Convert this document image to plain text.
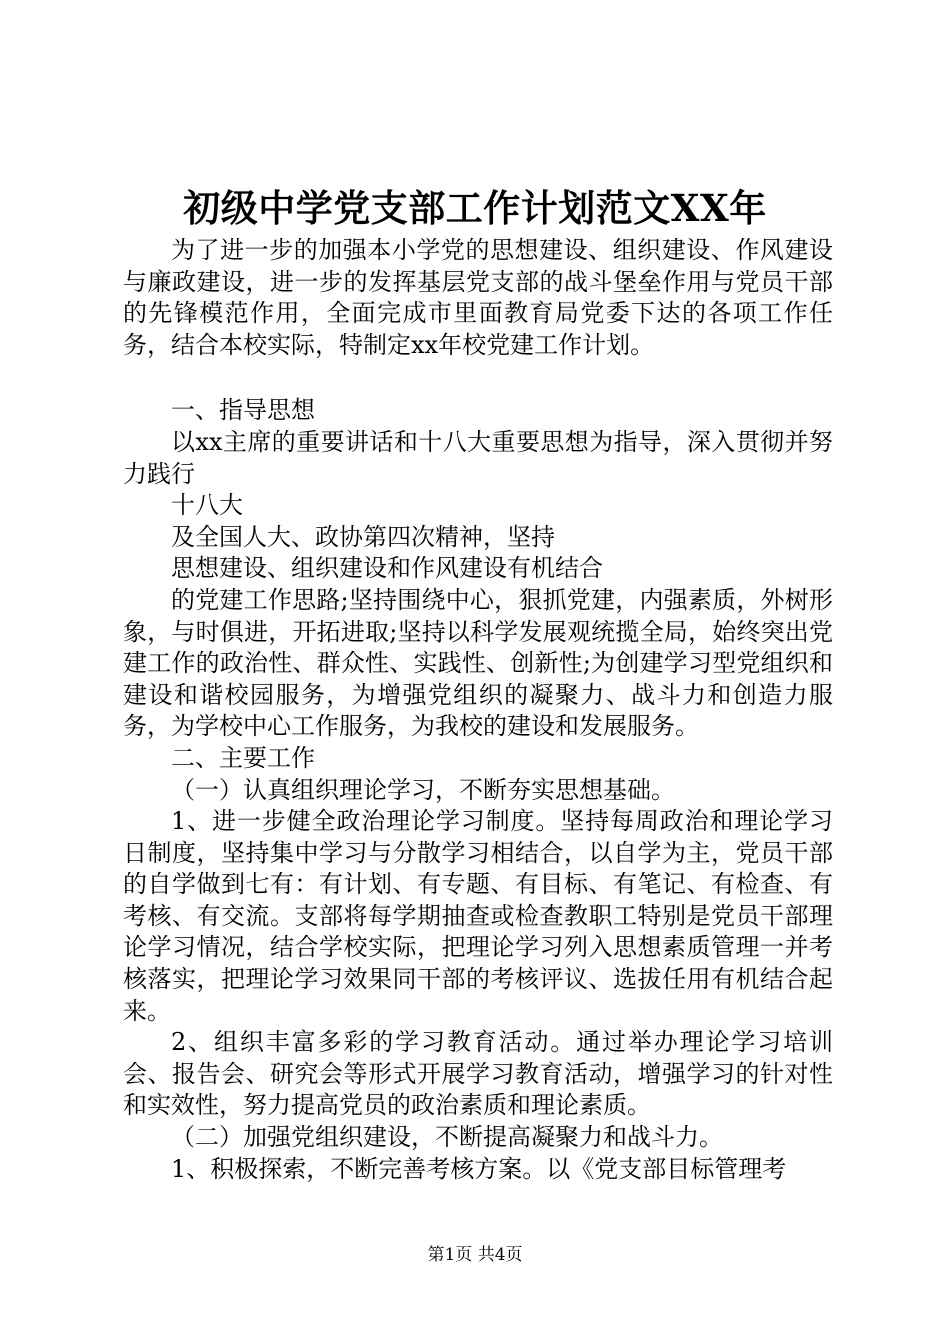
初级中学党支部工作计划范文XX年

为了进一步的加强本小学党的思想建设、组织建设、作风建设与廉政建设，进一步的发挥基层党支部的战斗堡垒作用与党员干部的先锋模范作用，全面完成市里面教育局党委下达的各项工作任务，结合本校实际，特制定xx年校党建工作计划。

一、指导思想

以xx主席的重要讲话和十八大重要思想为指导，深入贯彻并努力践行

十八大

及全国人大、政协第四次精神，坚持

思想建设、组织建设和作风建设有机结合

的党建工作思路;坚持围绕中心，狠抓党建，内强素质，外树形象，与时俱进，开拓进取;坚持以科学发展观统揽全局，始终突出党建工作的政治性、群众性、实践性、创新性;为创建学习型党组织和建设和谐校园服务，为增强党组织的凝聚力、战斗力和创造力服务，为学校中心工作服务，为我校的建设和发展服务。

二、主要工作

（一）认真组织理论学习，不断夯实思想基础。

1、进一步健全政治理论学习制度。坚持每周政治和理论学习日制度，坚持集中学习与分散学习相结合，以自学为主，党员干部的自学做到七有：有计划、有专题、有目标、有笔记、有检查、有考核、有交流。支部将每学期抽查或检查教职工特别是党员干部理论学习情况，结合学校实际，把理论学习列入思想素质管理一并考核落实，把理论学习效果同干部的考核评议、选拔任用有机结合起来。

2、组织丰富多彩的学习教育活动。通过举办理论学习培训会、报告会、研究会等形式开展学习教育活动，增强学习的针对性和实效性，努力提高党员的政治素质和理论素质。

（二）加强党组织建设，不断提高凝聚力和战斗力。

1、积极探索，不断完善考核方案。以《党支部目标管理考

第1页 共4页
